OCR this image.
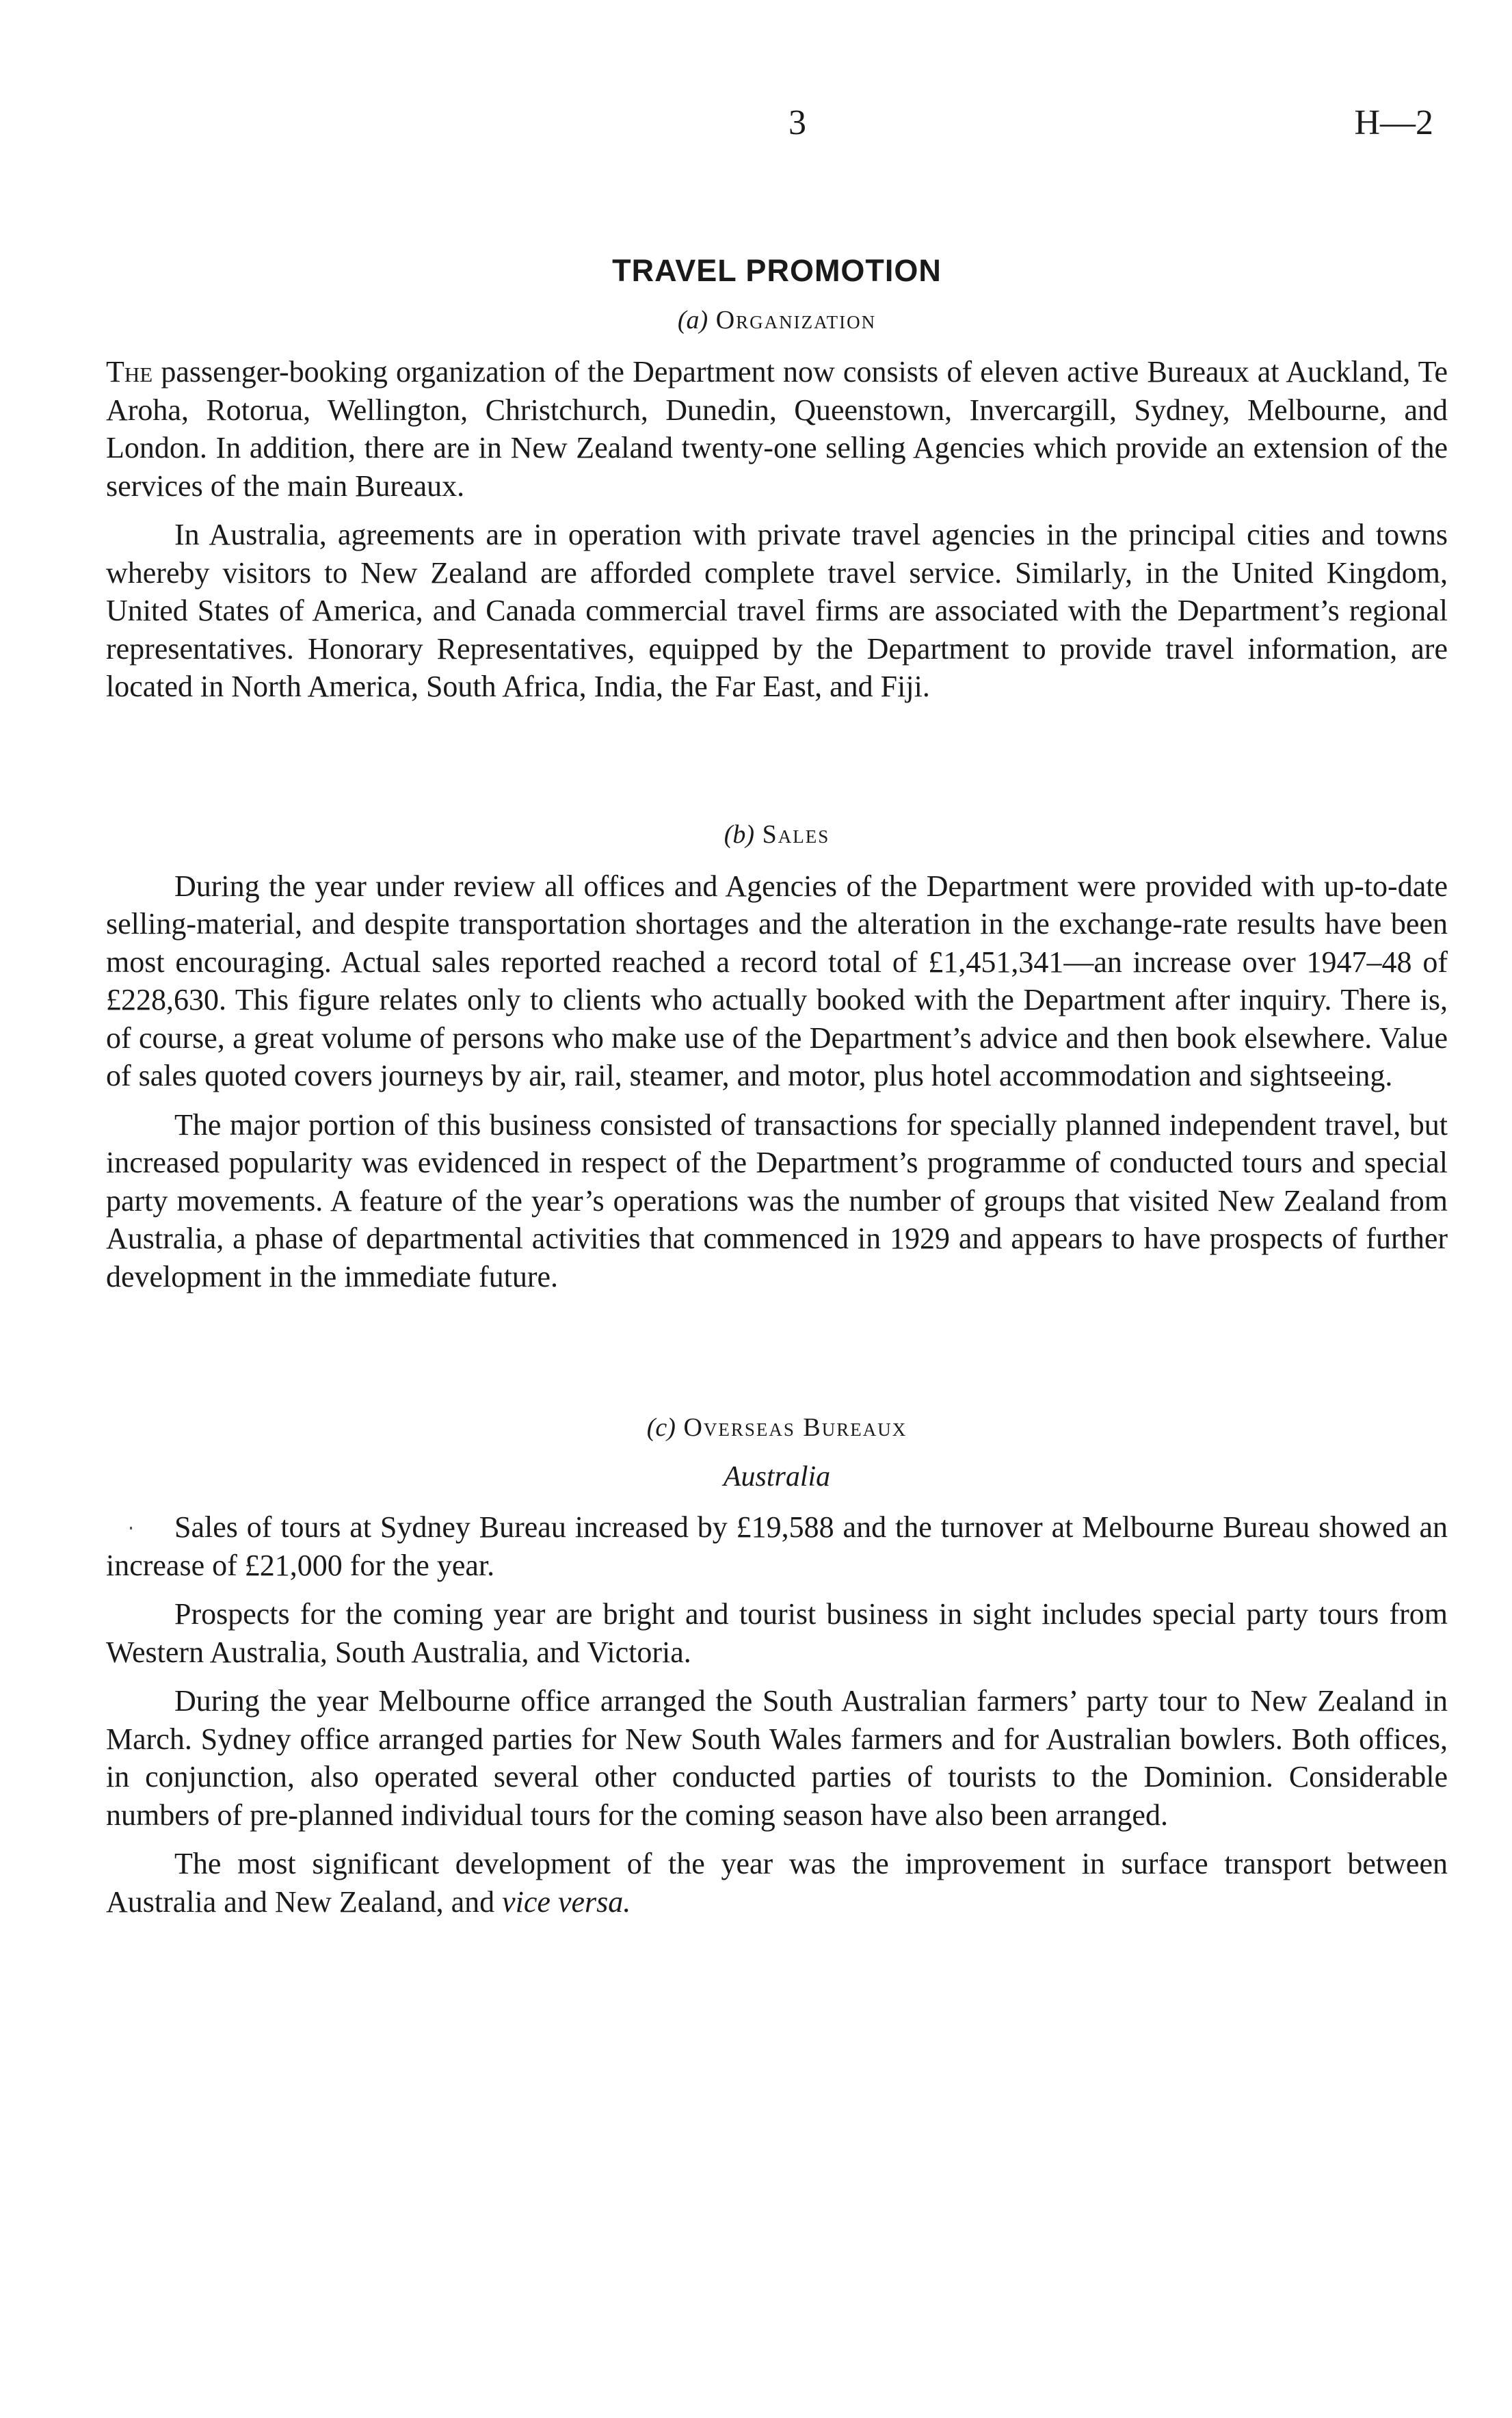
3	H—2
TRAVEL PROMOTION
(a) Organization

The passenger-booking organization of the Department now consists of eleven active Bureaux at Auckland, Te Aroha, Rotorua, Wellington, Christchurch, Dunedin, Queenstown, Invercargill, Sydney, Melbourne, and London. In addition, there are in New Zealand twenty-one selling Agencies which provide an extension of the services of the main Bureaux.

In Australia, agreements are in operation with private travel agencies in the principal cities and towns whereby visitors to New Zealand are afforded complete travel service. Similarly, in the United Kingdom, United States of America, and Canada commercial travel firms are associated with the Department’s regional representatives. Honorary Representatives, equipped by the Department to provide travel information, are located in North America, South Africa, India, the Far East, and Fiji.

(b) Sales

During the year under review all offices and Agencies of the Department were provided with up-to-date selling-material, and despite transportation shortages and the alteration in the exchange-rate results have been most encouraging. Actual sales reported reached a record total of £1,451,341—an increase over 1947–48 of £228,630. This figure relates only to clients who actually booked with the Department after inquiry. There is, of course, a great volume of persons who make use of the Department’s advice and then book elsewhere. Value of sales quoted covers journeys by air, rail, steamer, and motor, plus hotel accommodation and sightseeing.

The major portion of this business consisted of transactions for specially planned independent travel, but increased popularity was evidenced in respect of the Department’s programme of conducted tours and special party movements. A feature of the year’s operations was the number of groups that visited New Zealand from Australia, a phase of departmental activities that commenced in 1929 and appears to have prospects of further development in the immediate future.

(c) Overseas Bureaux
Australia

Sales of tours at Sydney Bureau increased by £19,588 and the turnover at Melbourne Bureau showed an increase of £21,000 for the year.

Prospects for the coming year are bright and tourist business in sight includes special party tours from Western Australia, South Australia, and Victoria.

During the year Melbourne office arranged the South Australian farmers’ party tour to New Zealand in March. Sydney office arranged parties for New South Wales farmers and for Australian bowlers. Both offices, in conjunction, also operated several other conducted parties of tourists to the Dominion. Considerable numbers of pre-planned individual tours for the coming season have also been arranged.

The most significant development of the year was the improvement in surface transport between Australia and New Zealand, and vice versa.
